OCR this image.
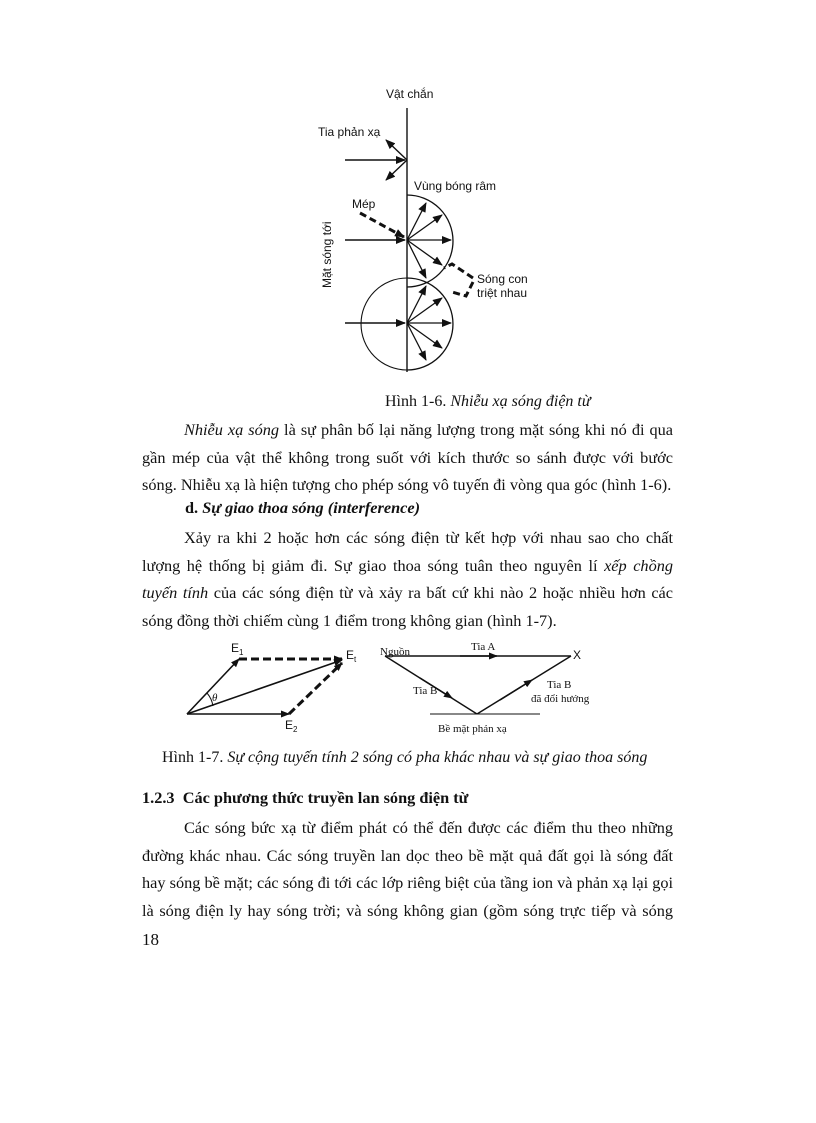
Vật chắn
Tia phản xạ
Vùng bóng râm
Mép
Mặt sóng tới	Sóng con
triệt nhau
Hình 1-6. Nhiễu xạ sóng điện từ
Nhiễu xạ sóng là sự phân bố lại năng lượng trong mặt sóng khi nó đi qua
gần mép của vật thể không trong suốt với kích thước so sánh được với bước
sóng. Nhiễu xạ là hiện tượng cho phép sóng vô tuyến đi vòng qua góc (hình 1-6).
d. Sự giao thoa sóng (interference)
Xảy ra khi 2 hoặc hơn các sóng điện từ kết hợp với nhau sao cho chất
lượng hệ thống bị giảm đi. Sự giao thoa sóng tuân theo nguyên lí xếp chồng
tuyến tính của các sóng điện từ và xảy ra bất cứ khi nào 2 hoặc nhiều hơn các
sóng đồng thời chiếm cùng 1 điểm trong không gian (hình 1-7).
$E_1$	$E_t$
$E_2$
θ
Nguồn	Tia A
X
Tia B	Tia B
đã đổi hướng
Bề mặt phản xạ
Hình 1-7. Sự cộng tuyến tính 2 sóng có pha khác nhau và sự giao thoa sóng
1.2.3 Các phương thức truyền lan sóng điện từ
Các sóng bức xạ từ điểm phát có thể đến được các điểm thu theo những
đường khác nhau. Các sóng truyền lan dọc theo bề mặt quả đất gọi là sóng đất
hay sóng bề mặt; các sóng đi tới các lớp riêng biệt của tầng ion và phản xạ lại gọi
là sóng điện ly hay sóng trời; và sóng không gian (gồm sóng trực tiếp và sóng
18
